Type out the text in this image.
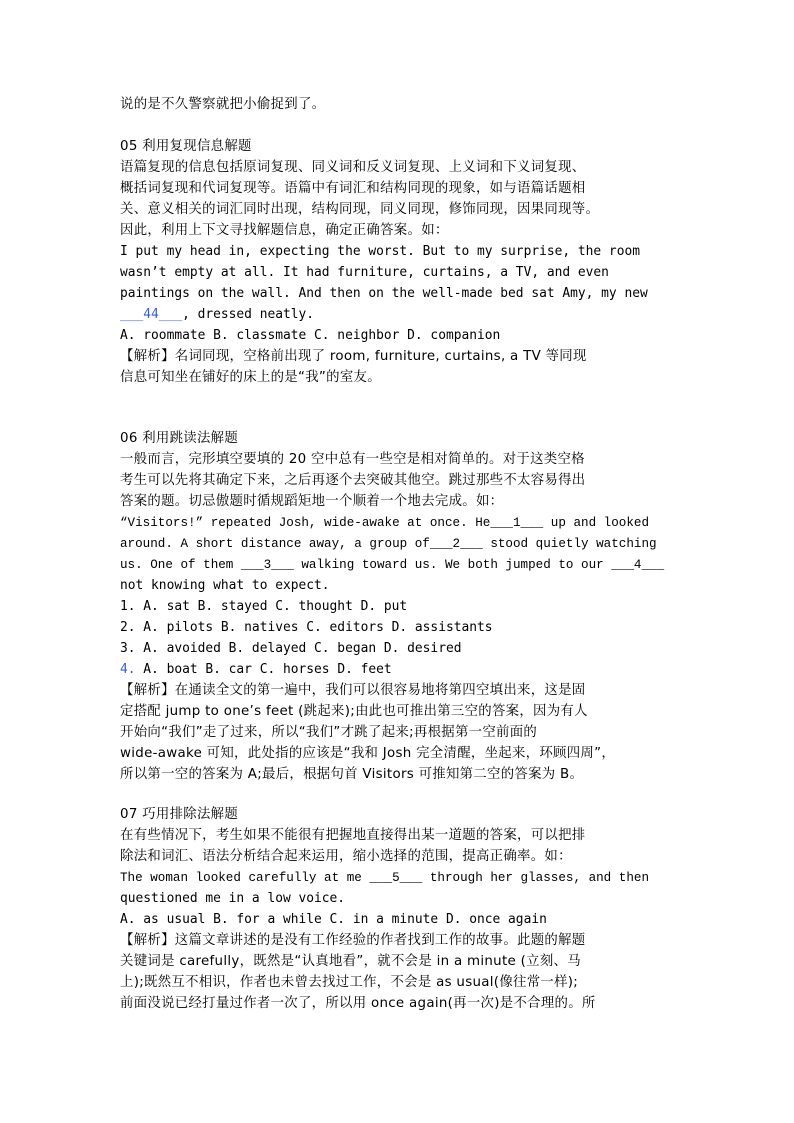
说的是不久警察就把小偷捉到了。
05 利用复现信息解题
语篇复现的信息包括原词复现、同义词和反义词复现、上义词和下义词复现、
概括词复现和代词复现等。语篇中有词汇和结构同现的现象，如与语篇话题相
关、意义相关的词汇同时出现，结构同现，同义同现，修饰同现，因果同现等。
因此，利用上下文寻找解题信息，确定正确答案。如：
I put my head in, expecting the worst. But to my surprise, the room
wasn’t empty at all. It had furniture, curtains, a TV, and even
paintings on the wall. And then on the well-made bed sat Amy, my new
___44___, dressed neatly.
A. roommate B. classmate C. neighbor D. companion
【解析】名词同现，空格前出现了 room, furniture, curtains, a TV 等同现
信息可知坐在铺好的床上的是“我”的室友。
06 利用跳读法解题
一般而言，完形填空要填的 20 空中总有一些空是相对简单的。对于这类空格
考生可以先将其确定下来，之后再逐个去突破其他空。跳过那些不太容易得出
答案的题。切忌傲题时循规蹈矩地一个顺着一个地去完成。如：
“Visitors!” repeated Josh, wide-awake at once. He___1___ up and looked
around. A short distance away, a group of___2___ stood quietly watching
us. One of them ___3___ walking toward us. We both jumped to our ___4___
not knowing what to expect.
1. A. sat B. stayed C. thought D. put
2. A. pilots B. natives C. editors D. assistants
3. A. avoided B. delayed C. began D. desired
4. A. boat B. car C. horses D. feet
【解析】在通读全文的第一遍中，我们可以很容易地将第四空填出来，这是固
定搭配 jump to one’s feet (跳起来);由此也可推出第三空的答案，因为有人
开始向“我们”走了过来，所以“我们”才跳了起来;再根据第一空前面的
wide-awake 可知，此处指的应该是“我和 Josh 完全清醒，坐起来，环顾四周”，
所以第一空的答案为 A;最后，根据句首 Visitors 可推知第二空的答案为 B。
07 巧用排除法解题
在有些情况下，考生如果不能很有把握地直接得出某一道题的答案，可以把排
除法和词汇、语法分析结合起来运用，缩小选择的范围，提高正确率。如：
The woman looked carefully at me ___5___ through her glasses, and then
questioned me in a low voice.
A. as usual B. for a while C. in a minute D. once again
【解析】这篇文章讲述的是没有工作经验的作者找到工作的故事。此题的解题
关键词是 carefully，既然是“认真地看”，就不会是 in a minute (立刻、马
上);既然互不相识，作者也未曾去找过工作，不会是 as usual(像往常一样);
前面没说已经打量过作者一次了，所以用 once again(再一次)是不合理的。所
